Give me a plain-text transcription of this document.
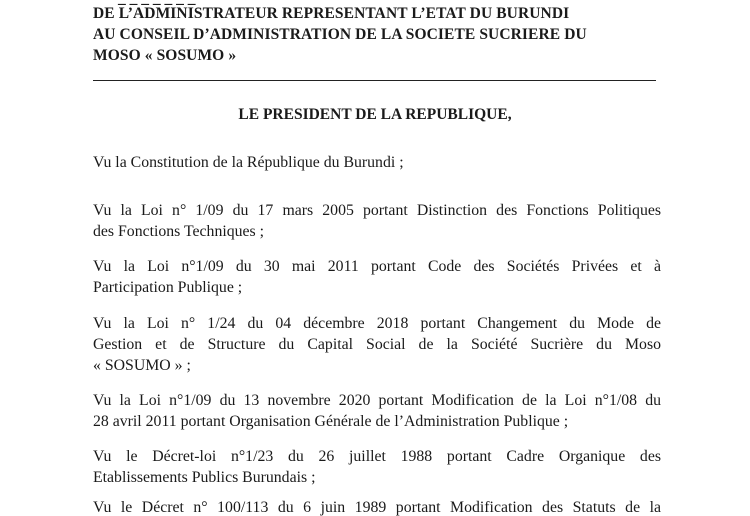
DE L’ADMINISTRATEUR REPRESENTANT L’ETAT DU BURUNDI
AU CONSEIL D’ADMINISTRATION DE LA SOCIETE SUCRIERE DU
MOSO « SOSUMO »
LE PRESIDENT DE LA REPUBLIQUE,
Vu la Constitution de la République du Burundi ;
Vu la Loi n° 1/09 du 17 mars 2005 portant Distinction des Fonctions Politiques
des Fonctions Techniques ;
Vu la Loi n°1/09 du 30 mai 2011 portant Code des Sociétés Privées et à
Participation Publique ;
Vu la Loi n° 1/24 du 04 décembre 2018 portant Changement du Mode de
Gestion et de Structure du Capital Social de la Société Sucrière du Moso
« SOSUMO » ;
Vu la Loi n°1/09 du 13 novembre 2020 portant Modification de la Loi n°1/08 du
28 avril 2011 portant Organisation Générale de l’Administration Publique ;
Vu le Décret-loi n°1/23 du 26 juillet 1988 portant Cadre Organique des
Etablissements Publics Burundais ;
Vu le Décret n° 100/113 du 6 juin 1989 portant Modification des Statuts de la
